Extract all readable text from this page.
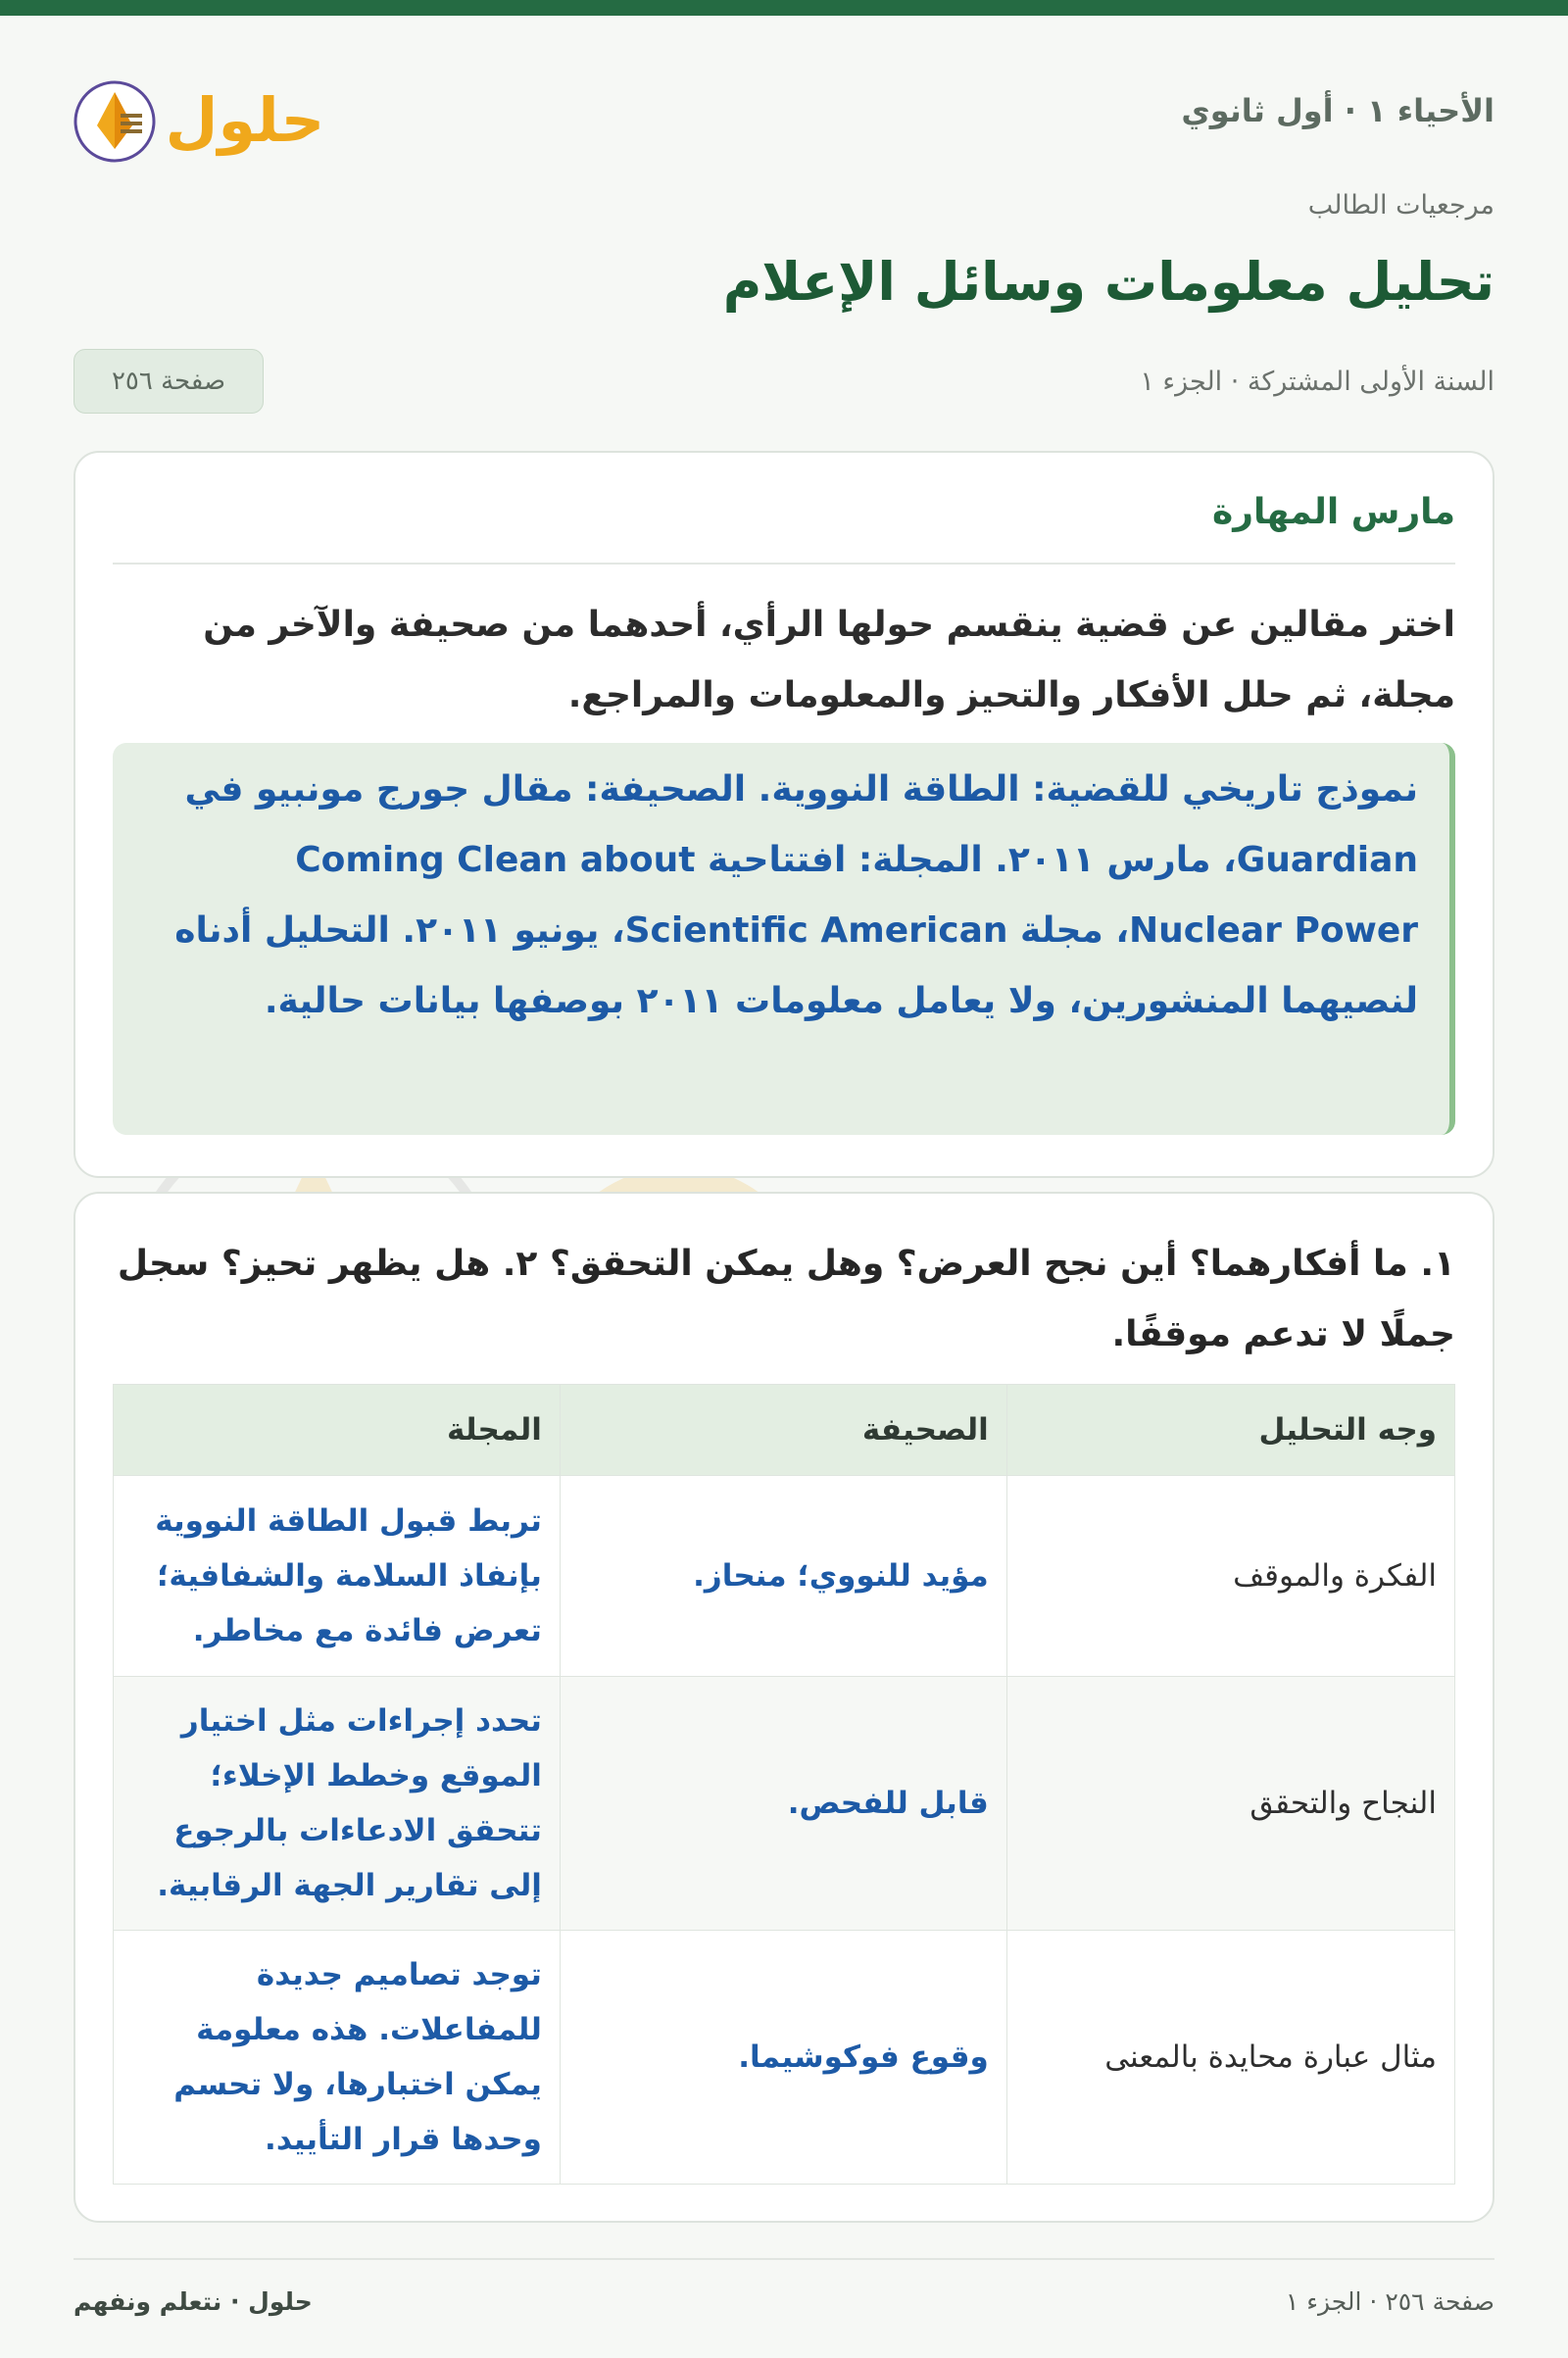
الأحياء ١ · أول ثانوي
حلول
مرجعيات الطالب
تحليل معلومات وسائل الإعلام
السنة الأولى المشتركة · الجزء ١
صفحة ٢٥٦
مارس المهارة
اختر مقالين عن قضية ينقسم حولها الرأي، أحدهما من صحيفة والآخر من مجلة، ثم حلل الأفكار والتحيز والمعلومات والمراجع.
نموذج تاريخي للقضية: الطاقة النووية. الصحيفة: مقال جورج مونبيو في Guardian، مارس ٢٠١١. المجلة: افتتاحية Coming Clean about Nuclear Power، مجلة Scientific American، يونيو ٢٠١١. التحليل أدناه لنصيهما المنشورين، ولا يعامل معلومات ٢٠١١ بوصفها بيانات حالية.
١. ما أفكارهما؟ أين نجح العرض؟ وهل يمكن التحقق؟ ٢. هل يظهر تحيز؟ سجل جملًا لا تدعم موقفًا.
وجه التحليل	الصحيفة	المجلة
الفكرة والموقف	مؤيد للنووي؛ منحاز.	تربط قبول الطاقة النووية بإنفاذ السلامة والشفافية؛ تعرض فائدة مع مخاطر.
النجاح والتحقق	قابل للفحص.	تحدد إجراءات مثل اختيار الموقع وخطط الإخلاء؛ تتحقق الادعاءات بالرجوع إلى تقارير الجهة الرقابية.
مثال عبارة محايدة بالمعنى	وقوع فوكوشيما.	توجد تصاميم جديدة للمفاعلات. هذه معلومة يمكن اختبارها، ولا تحسم وحدها قرار التأييد.
صفحة ٢٥٦ · الجزء ١
حلول · نتعلم ونفهم
